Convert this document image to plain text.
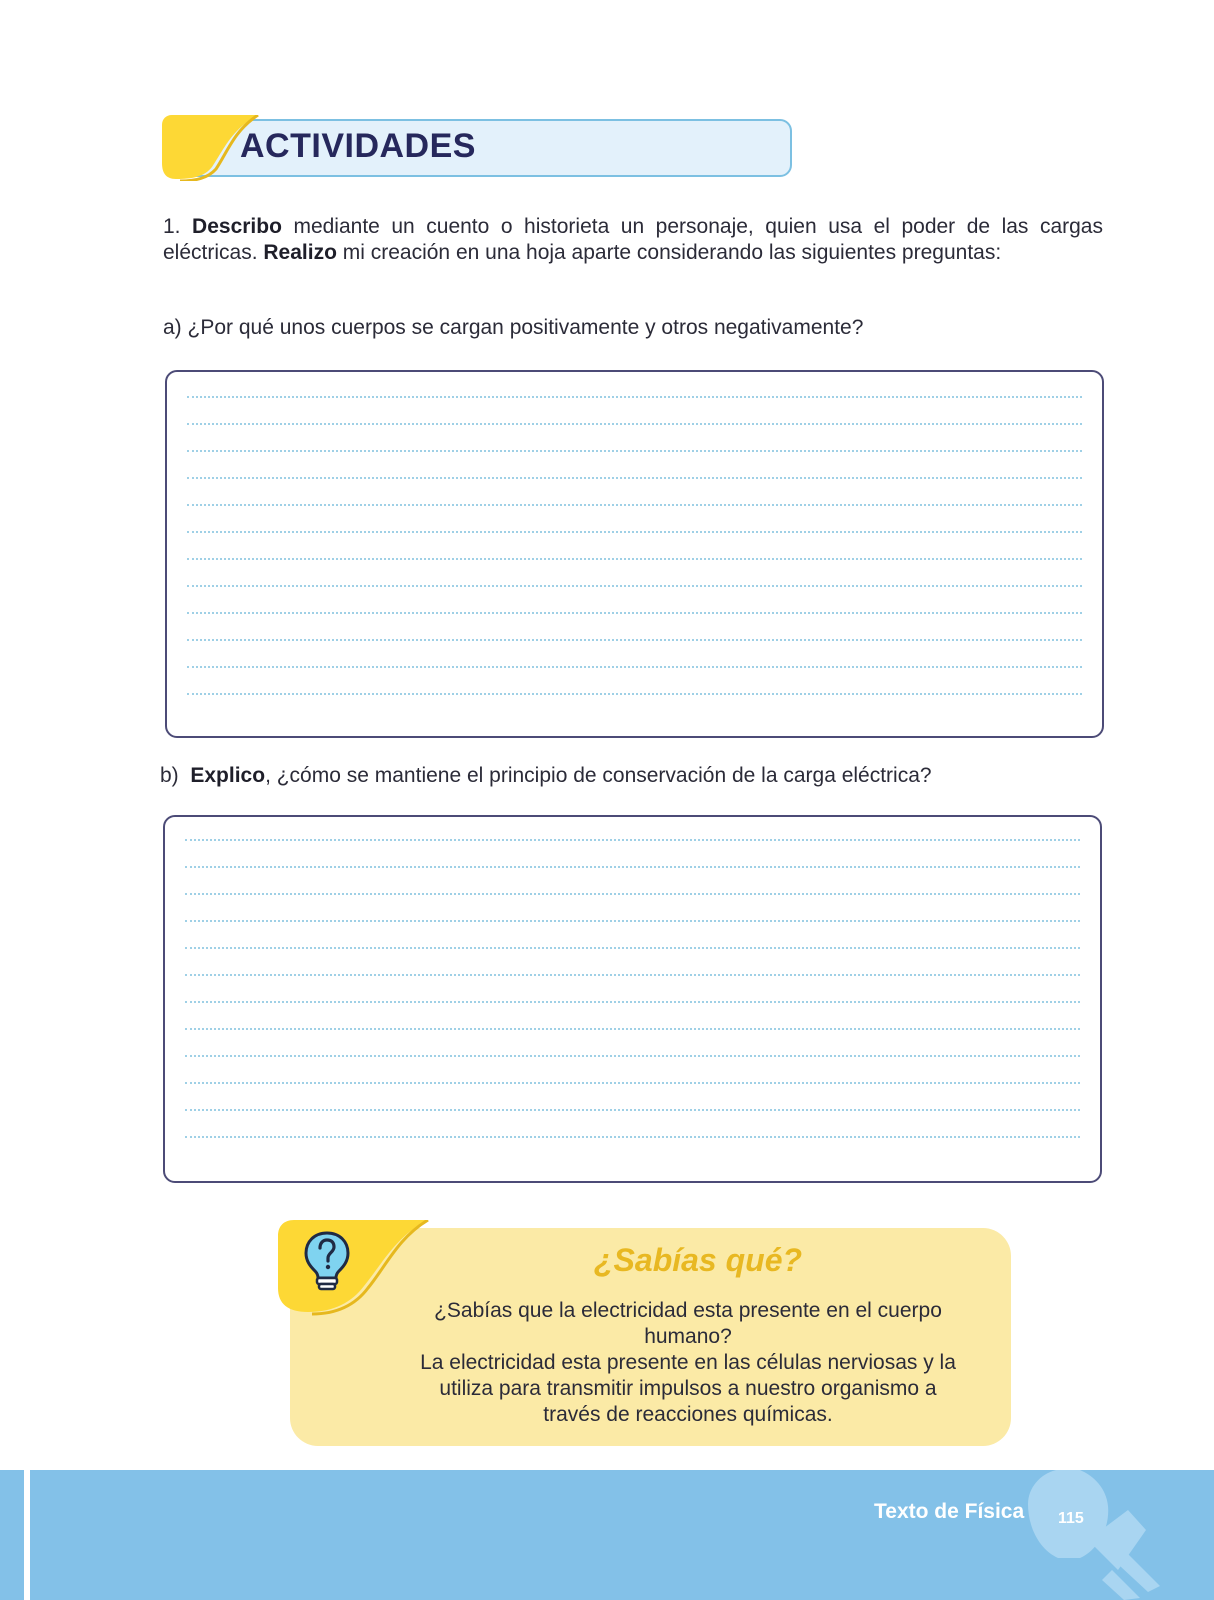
ACTIVIDADES
1. Describo mediante un cuento o historieta un personaje, quien usa el poder de las cargas eléctricas. Realizo mi creación en una hoja aparte considerando las siguientes preguntas:
a) ¿Por qué unos cuerpos se cargan positivamente y otros negativamente?
b) Explico, ¿cómo se mantiene el principio de conservación de la carga eléctrica?
¿Sabías qué?
¿Sabías que la electricidad esta presente en el cuerpo humano?
La electricidad esta presente en las células nerviosas y la utiliza para transmitir impulsos a nuestro organismo a través de reacciones químicas.
Texto de Física 115
